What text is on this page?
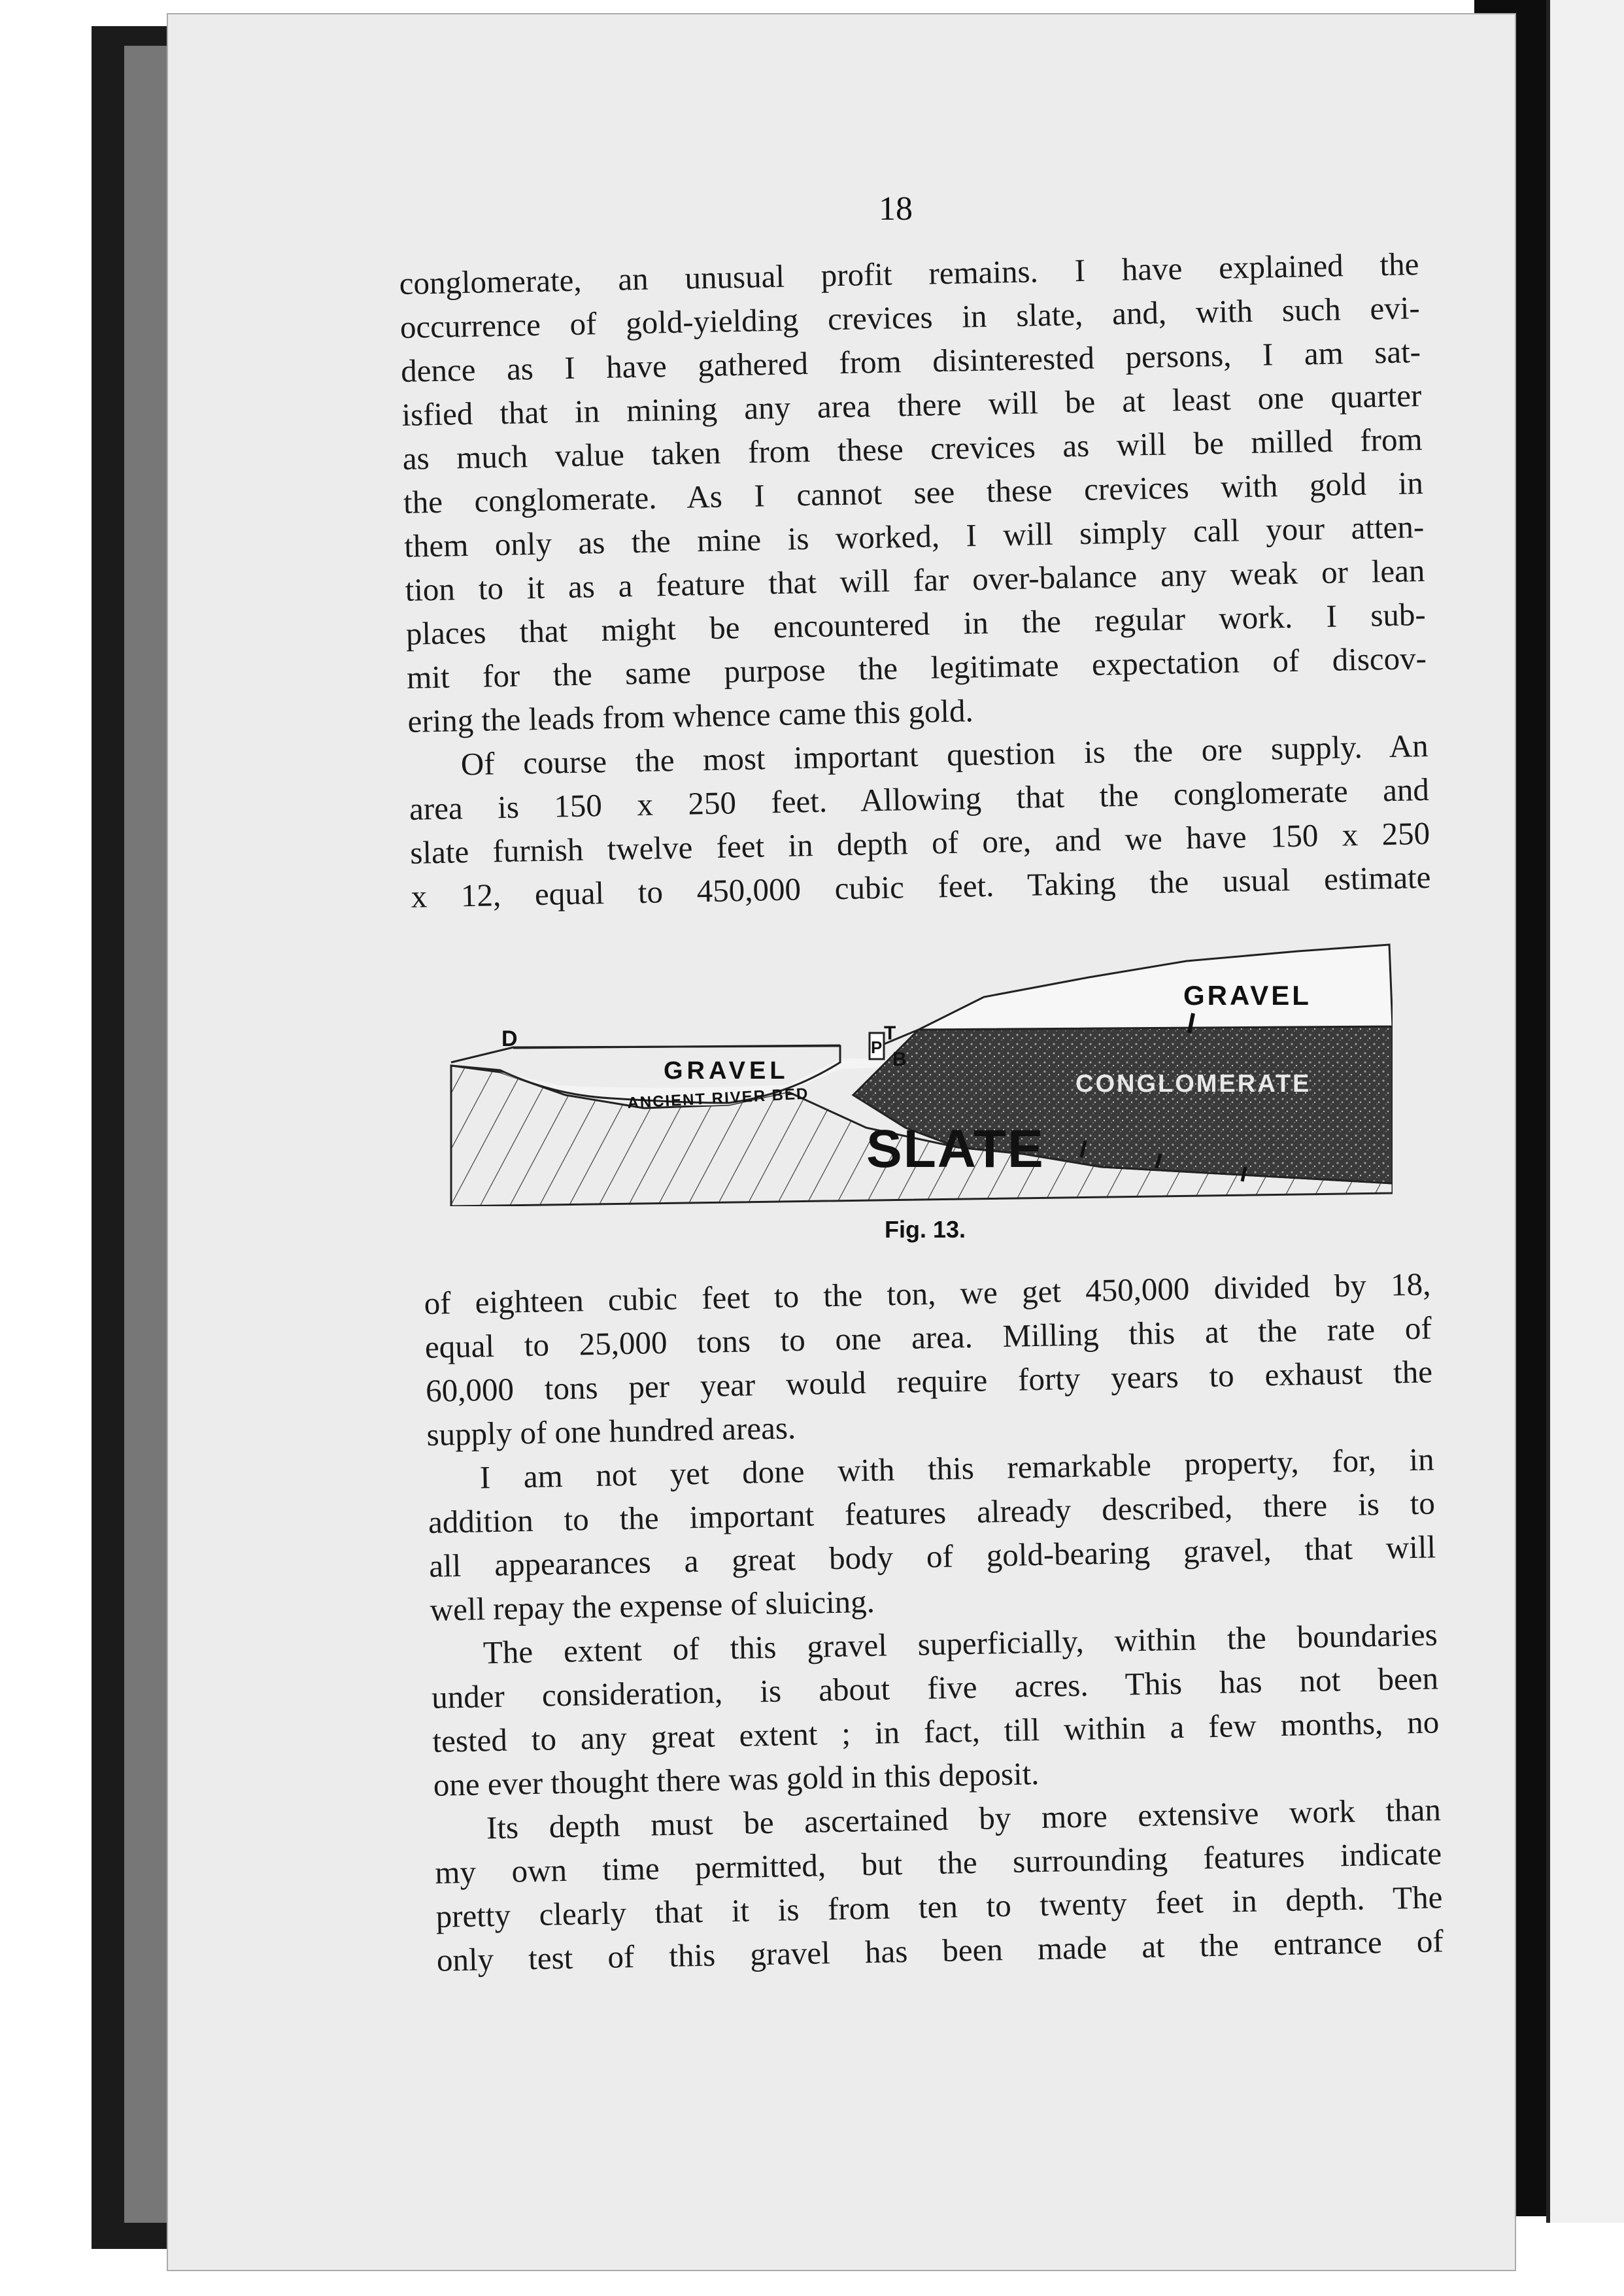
18
conglomerate, an unusual profit remains. I have explained the
occurrence of gold-yielding crevices in slate, and, with such evi-
dence as I have gathered from disinterested persons, I am sat-
isfied that in mining any area there will be at least one quarter
as much value taken from these crevices as will be milled from
the conglomerate. As I cannot see these crevices with gold in
them only as the mine is worked, I will simply call your atten-
tion to it as a feature that will far over-balance any weak or lean
places that might be encountered in the regular work. I sub-
mit for the same purpose the legitimate expectation of discov-
ering the leads from whence came this gold.
Of course the most important question is the ore supply. An
area is 150 x 250 feet. Allowing that the conglomerate and
slate furnish twelve feet in depth of ore, and we have 150 x 250
x 12, equal to 450,000 cubic feet. Taking the usual estimate
D
GRAVEL
ANCIENT RIVER BED
P
B
T
GRAVEL
CONGLOMERATE
SLATE
Fig. 13.
of eighteen cubic feet to the ton, we get 450,000 divided by 18,
equal to 25,000 tons to one area. Milling this at the rate of
60,000 tons per year would require forty years to exhaust the
supply of one hundred areas.
I am not yet done with this remarkable property, for, in
addition to the important features already described, there is to
all appearances a great body of gold-bearing gravel, that will
well repay the expense of sluicing.
The extent of this gravel superficially, within the boundaries
under consideration, is about five acres. This has not been
tested to any great extent ; in fact, till within a few months, no
one ever thought there was gold in this deposit.
Its depth must be ascertained by more extensive work than
my own time permitted, but the surrounding features indicate
pretty clearly that it is from ten to twenty feet in depth. The
only test of this gravel has been made at the entrance of
